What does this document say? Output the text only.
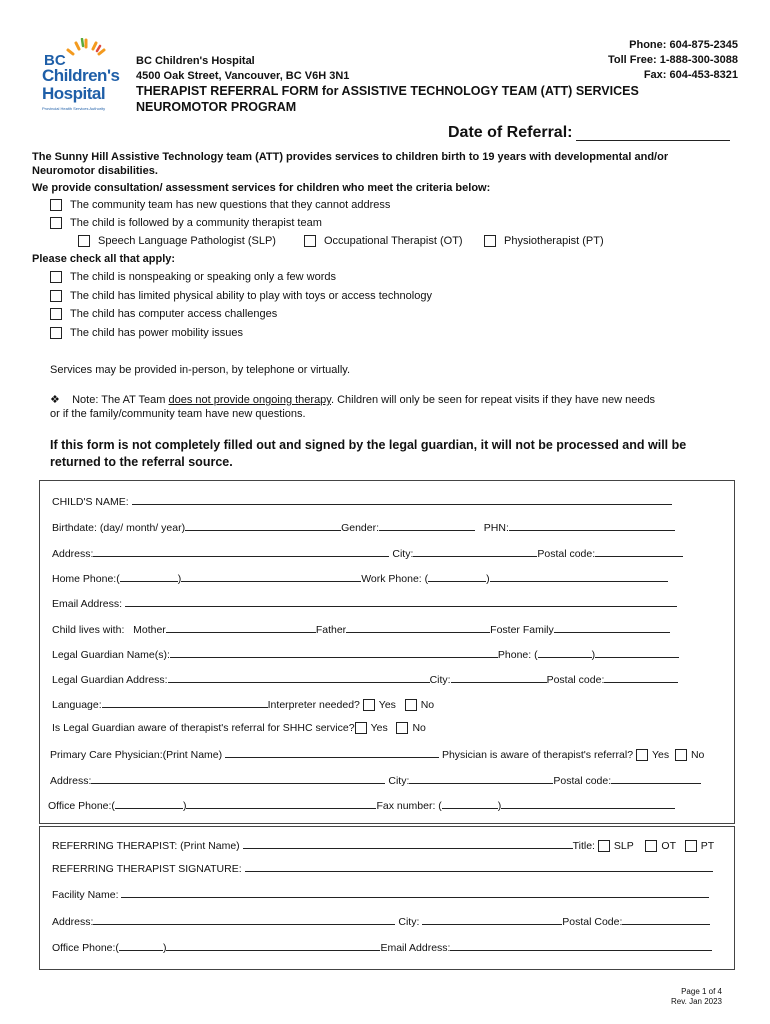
BC
Children's
Hospital
Provincial Health Services Authority
BC Children's Hospital
4500 Oak Street, Vancouver, BC V6H 3N1
Phone: 604-875-2345
Toll Free: 1-888-300-3088
Fax: 604-453-8321
THERAPIST REFERRAL FORM for ASSISTIVE TECHNOLOGY TEAM (ATT) SERVICES
NEUROMOTOR PROGRAM
Date of Referral:
The Sunny Hill Assistive Technology team (ATT) provides services to children birth to 19 years with developmental and/or
Neuromotor disabilities.
We provide consultation/ assessment services for children who meet the criteria below:
The community team has new questions that they cannot address
The child is followed by a community therapist team
Speech Language Pathologist (SLP)	Occupational Therapist (OT)	Physiotherapist (PT)
Please check all that apply:
The child is nonspeaking or speaking only a few words
The child has limited physical ability to play with toys or access technology
The child has computer access challenges
The child has power mobility issues
Services may be provided in-person, by telephone or virtually.
❖ Note: The AT Team does not provide ongoing therapy. Children will only be seen for repeat visits if they have new needs
or if the family/community team have new questions.
If this form is not completely filled out and signed by the legal guardian, it will not be processed and will be
returned to the referral source.
CHILD'S NAME:
Birthdate: (day/ month/ year)	Gender:	PHN:
Address:	City:	Postal code:
Home Phone:(	)	Work Phone: (	)
Email Address:
Child lives with: Mother	Father	Foster Family
Legal Guardian Name(s):	Phone: (	)
Legal Guardian Address:	City:	Postal code:
Language:	Interpreter needed? Yes No
Is Legal Guardian aware of therapist's referral for SHHC service? Yes No
Primary Care Physician:(Print Name)	Physician is aware of therapist's referral? Yes No
Address:	City:	Postal code:
Office Phone:(	)	Fax number: (	)
REFERRING THERAPIST: (Print Name)	Title: SLP	OT PT
REFERRING THERAPIST SIGNATURE:
Facility Name:
Address:	City:	Postal Code:
Office Phone:(	)	Email Address:
Page 1 of 4
Rev. Jan 2023
